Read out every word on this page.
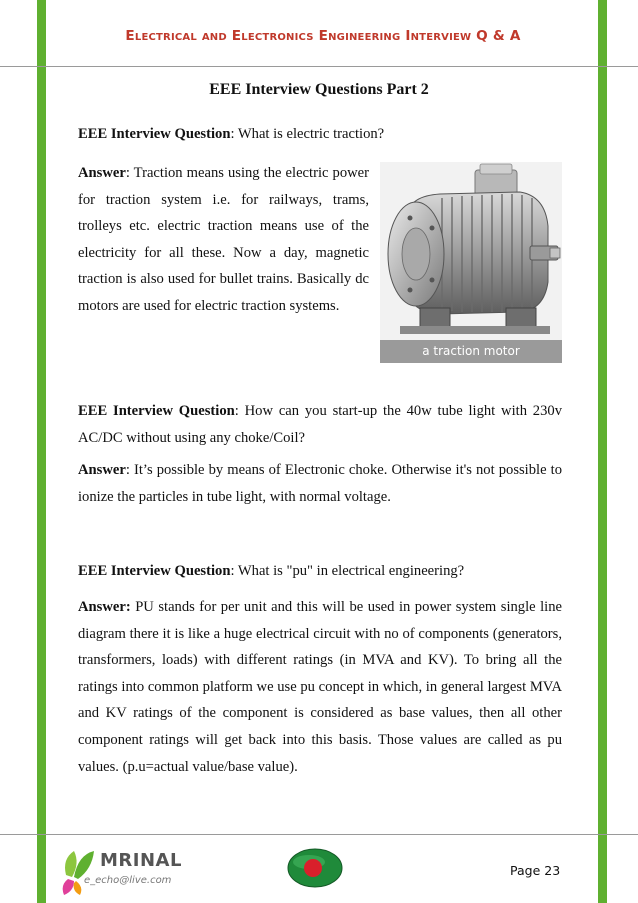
Electrical and Electronics Engineering Interview Q & A
EEE Interview Questions Part 2

EEE Interview Question: What is electric traction?

Answer: Traction means using the electric power for traction system i.e. for railways, trams, trolleys etc. electric traction means use of the electricity for all these. Now a day, magnetic traction is also used for bullet trains. Basically dc motors are used for electric traction systems.

a traction motor

EEE Interview Question: How can you start-up the 40w tube light with 230v AC/DC without using any choke/Coil?

Answer: It’s possible by means of Electronic choke. Otherwise it's not possible to ionize the particles in tube light, with normal voltage.

EEE Interview Question: What is "pu" in electrical engineering?

Answer: PU stands for per unit and this will be used in power system single line diagram there it is like a huge electrical circuit with no of components (generators, transformers, loads) with different ratings (in MVA and KV). To bring all the ratings into common platform we use pu concept in which, in general largest MVA and KV ratings of the component is considered as base values, then all other component ratings will get back into this basis. Those values are called as pu values. (p.u=actual value/base value).

MRINAL
e_echo@live.com
Page 23
